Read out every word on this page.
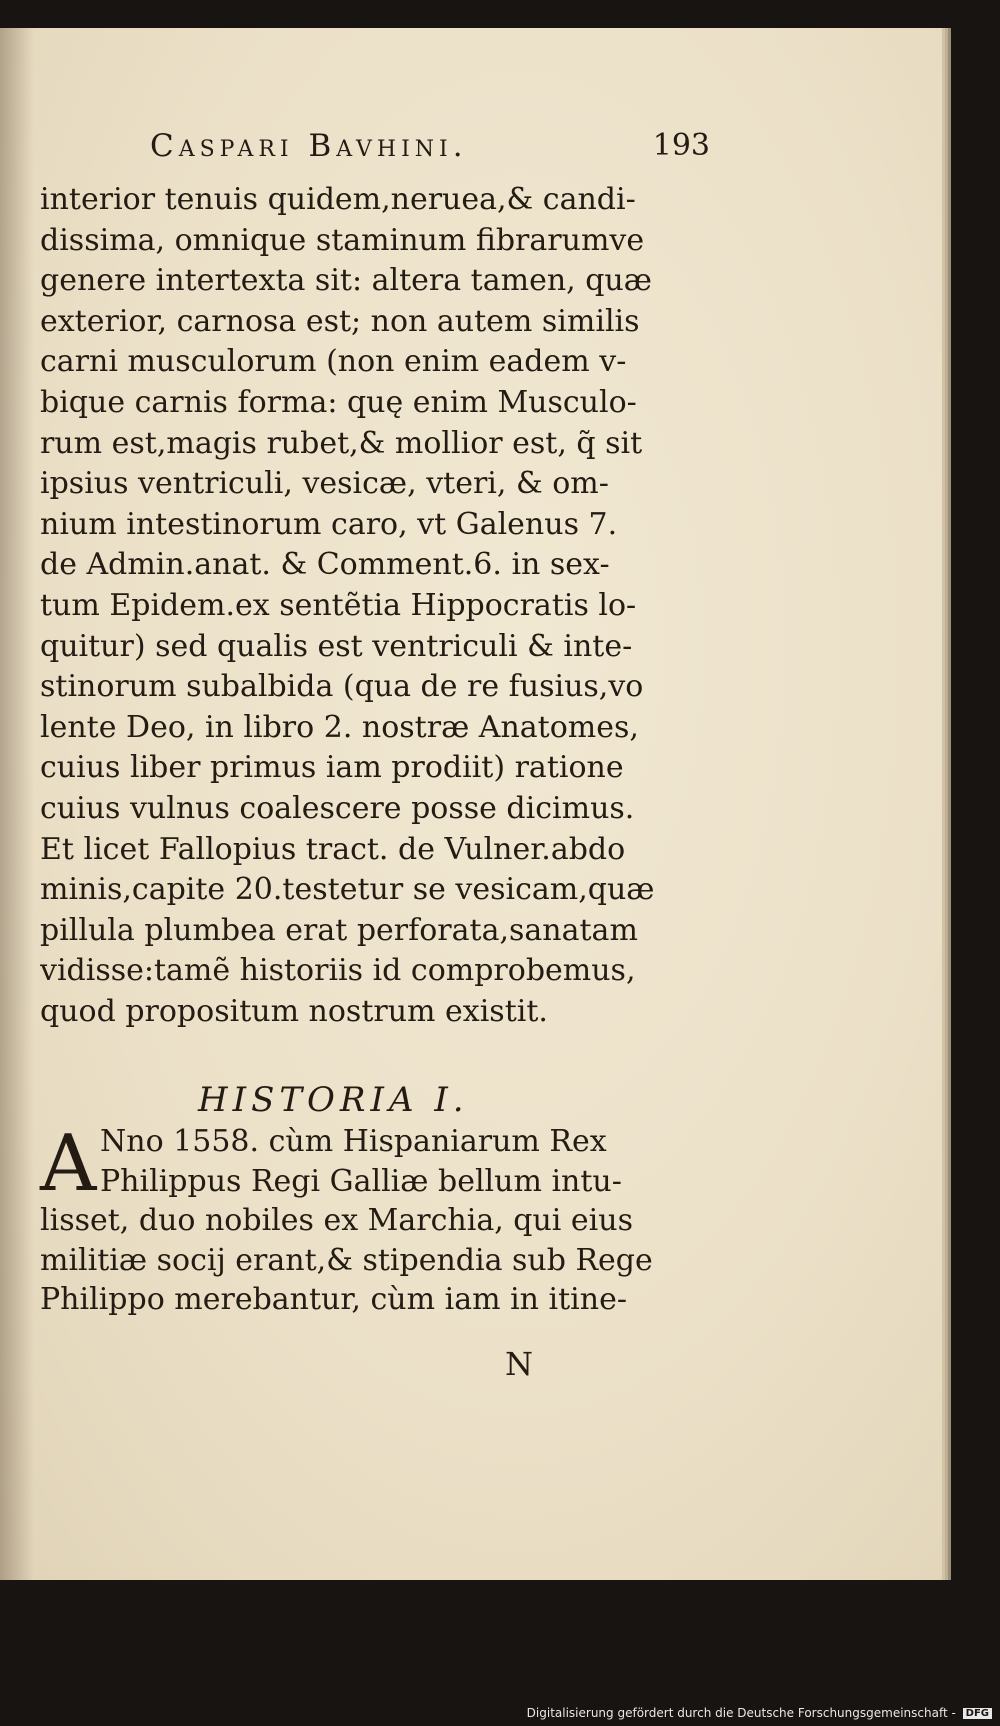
Caspari Bavhini.	193
interior tenuis quidem,neruea,& candi-
dissima, omnique staminum fibrarumve
genere intertexta sit: altera tamen, quæ
exterior, carnosa est; non autem similis
carni musculorum (non enim eadem v-
bique carnis forma: quę enim Musculo-
rum est,magis rubet,& mollior est, q̃ sit
ipsius ventriculi, vesicæ, vteri, & om-
nium intestinorum caro, vt Galenus 7.
de Admin.anat. & Comment.6. in sex-
tum Epidem.ex sentẽtia Hippocratis lo-
quitur) sed qualis est ventriculi & inte-
stinorum subalbida (qua de re fusius,vo
lente Deo, in libro 2. nostræ Anatomes,
cuius liber primus iam prodiit) ratione
cuius vulnus coalescere posse dicimus.
Et licet Fallopius tract. de Vulner.abdo
minis,capite 20.testetur se vesicam,quæ
pillula plumbea erat perforata,sanatam
vidisse:tamẽ historiis id comprobemus,
quod propositum nostrum existit.
HISTORIA I.
A Nno 1558. cùm Hispaniarum Rex
Philippus Regi Galliæ bellum intu-
lisset, duo nobiles ex Marchia, qui eius
militiæ socij erant,& stipendia sub Rege
Philippo merebantur, cùm iam in itine-
N
Digitalisierung gefördert durch die Deutsche Forschungsgemeinschaft - DFG
